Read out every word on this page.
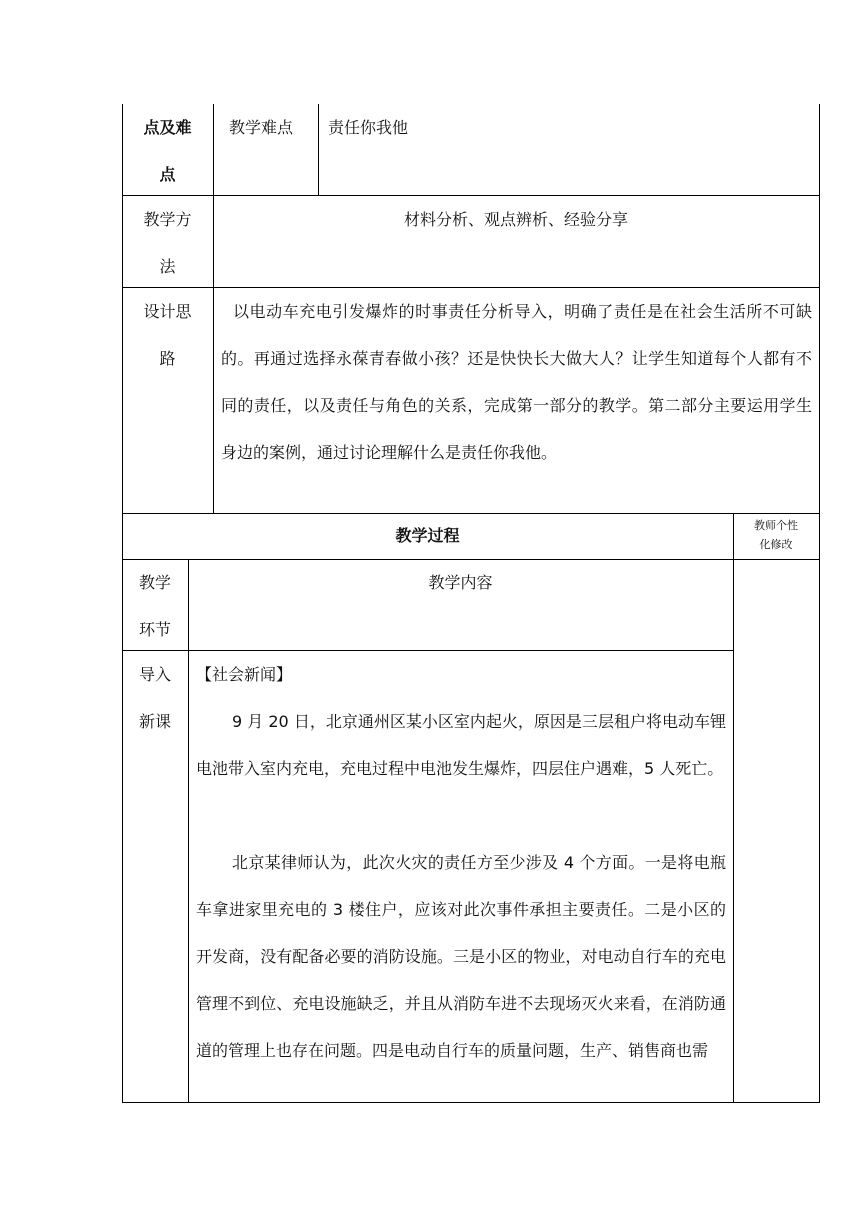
点及难
点
教学难点 责任你我他
教学方
法
材料分析、观点辨析、经验分享
设计思
路
以电动车充电引发爆炸的时事责任分析导入，明确了责任是在社会生活所不可缺的。再通过选择永葆青春做小孩？还是快快长大做大人？让学生知道每个人都有不同的责任，以及责任与角色的关系，完成第一部分的教学。第二部分主要运用学生身边的案例，通过讨论理解什么是责任你我他。
教学过程
教师个性
化修改
教学
环节
教学内容
导入
新课
【社会新闻】
9 月 20 日，北京通州区某小区室内起火，原因是三层租户将电动车锂电池带入室内充电，充电过程中电池发生爆炸，四层住户遇难，5 人死亡。
北京某律师认为，此次火灾的责任方至少涉及 4 个方面。一是将电瓶车拿进家里充电的 3 楼住户，应该对此次事件承担主要责任。二是小区的开发商，没有配备必要的消防设施。三是小区的物业，对电动自行车的充电管理不到位、充电设施缺乏，并且从消防车进不去现场灭火来看，在消防通道的管理上也存在问题。四是电动自行车的质量问题，生产、销售商也需
